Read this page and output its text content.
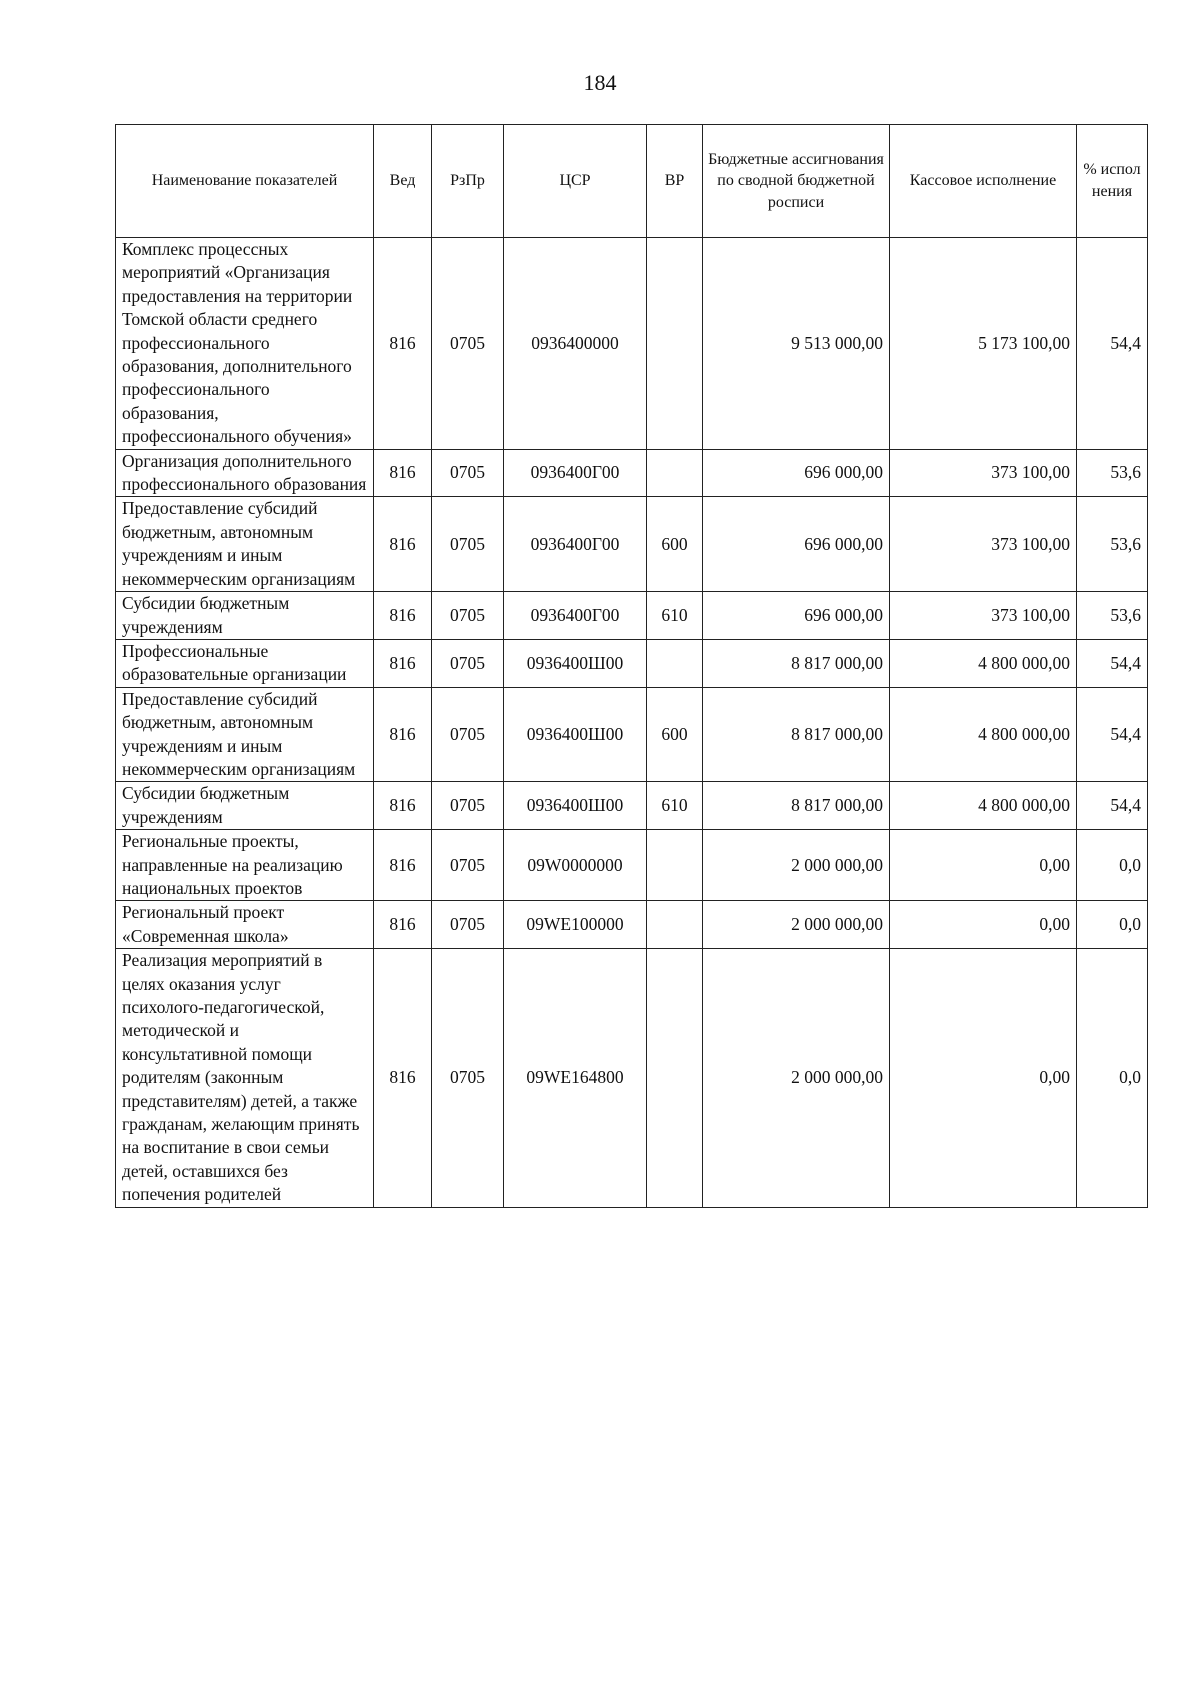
184
Наименование показателей	Вед	РзПр	ЦСР	ВР	Бюджетные ассигнования по сводной бюджетной росписи	Кассовое исполнение	% испол нения
Комплекс процессных мероприятий «Организация предоставления на территории Томской области среднего профессионального образования, дополнительного профессионального образования, профессионального обучения»	816	0705	0936400000		9 513 000,00	5 173 100,00	54,4
Организация дополнительного профессионального образования	816	0705	0936400Г00		696 000,00	373 100,00	53,6
Предоставление субсидий бюджетным, автономным учреждениям и иным некоммерческим организациям	816	0705	0936400Г00	600	696 000,00	373 100,00	53,6
Субсидии бюджетным учреждениям	816	0705	0936400Г00	610	696 000,00	373 100,00	53,6
Профессиональные образовательные организации	816	0705	0936400Ш00		8 817 000,00	4 800 000,00	54,4
Предоставление субсидий бюджетным, автономным учреждениям и иным некоммерческим организациям	816	0705	0936400Ш00	600	8 817 000,00	4 800 000,00	54,4
Субсидии бюджетным учреждениям	816	0705	0936400Ш00	610	8 817 000,00	4 800 000,00	54,4
Региональные проекты, направленные на реализацию национальных проектов	816	0705	09W0000000		2 000 000,00	0,00	0,0
Региональный проект «Современная школа»	816	0705	09WE100000		2 000 000,00	0,00	0,0
Реализация мероприятий в целях оказания услуг психолого-педагогической, методической и консультативной помощи родителям (законным представителям) детей, а также гражданам, желающим принять на воспитание в свои семьи детей, оставшихся без попечения родителей	816	0705	09WE164800		2 000 000,00	0,00	0,0
